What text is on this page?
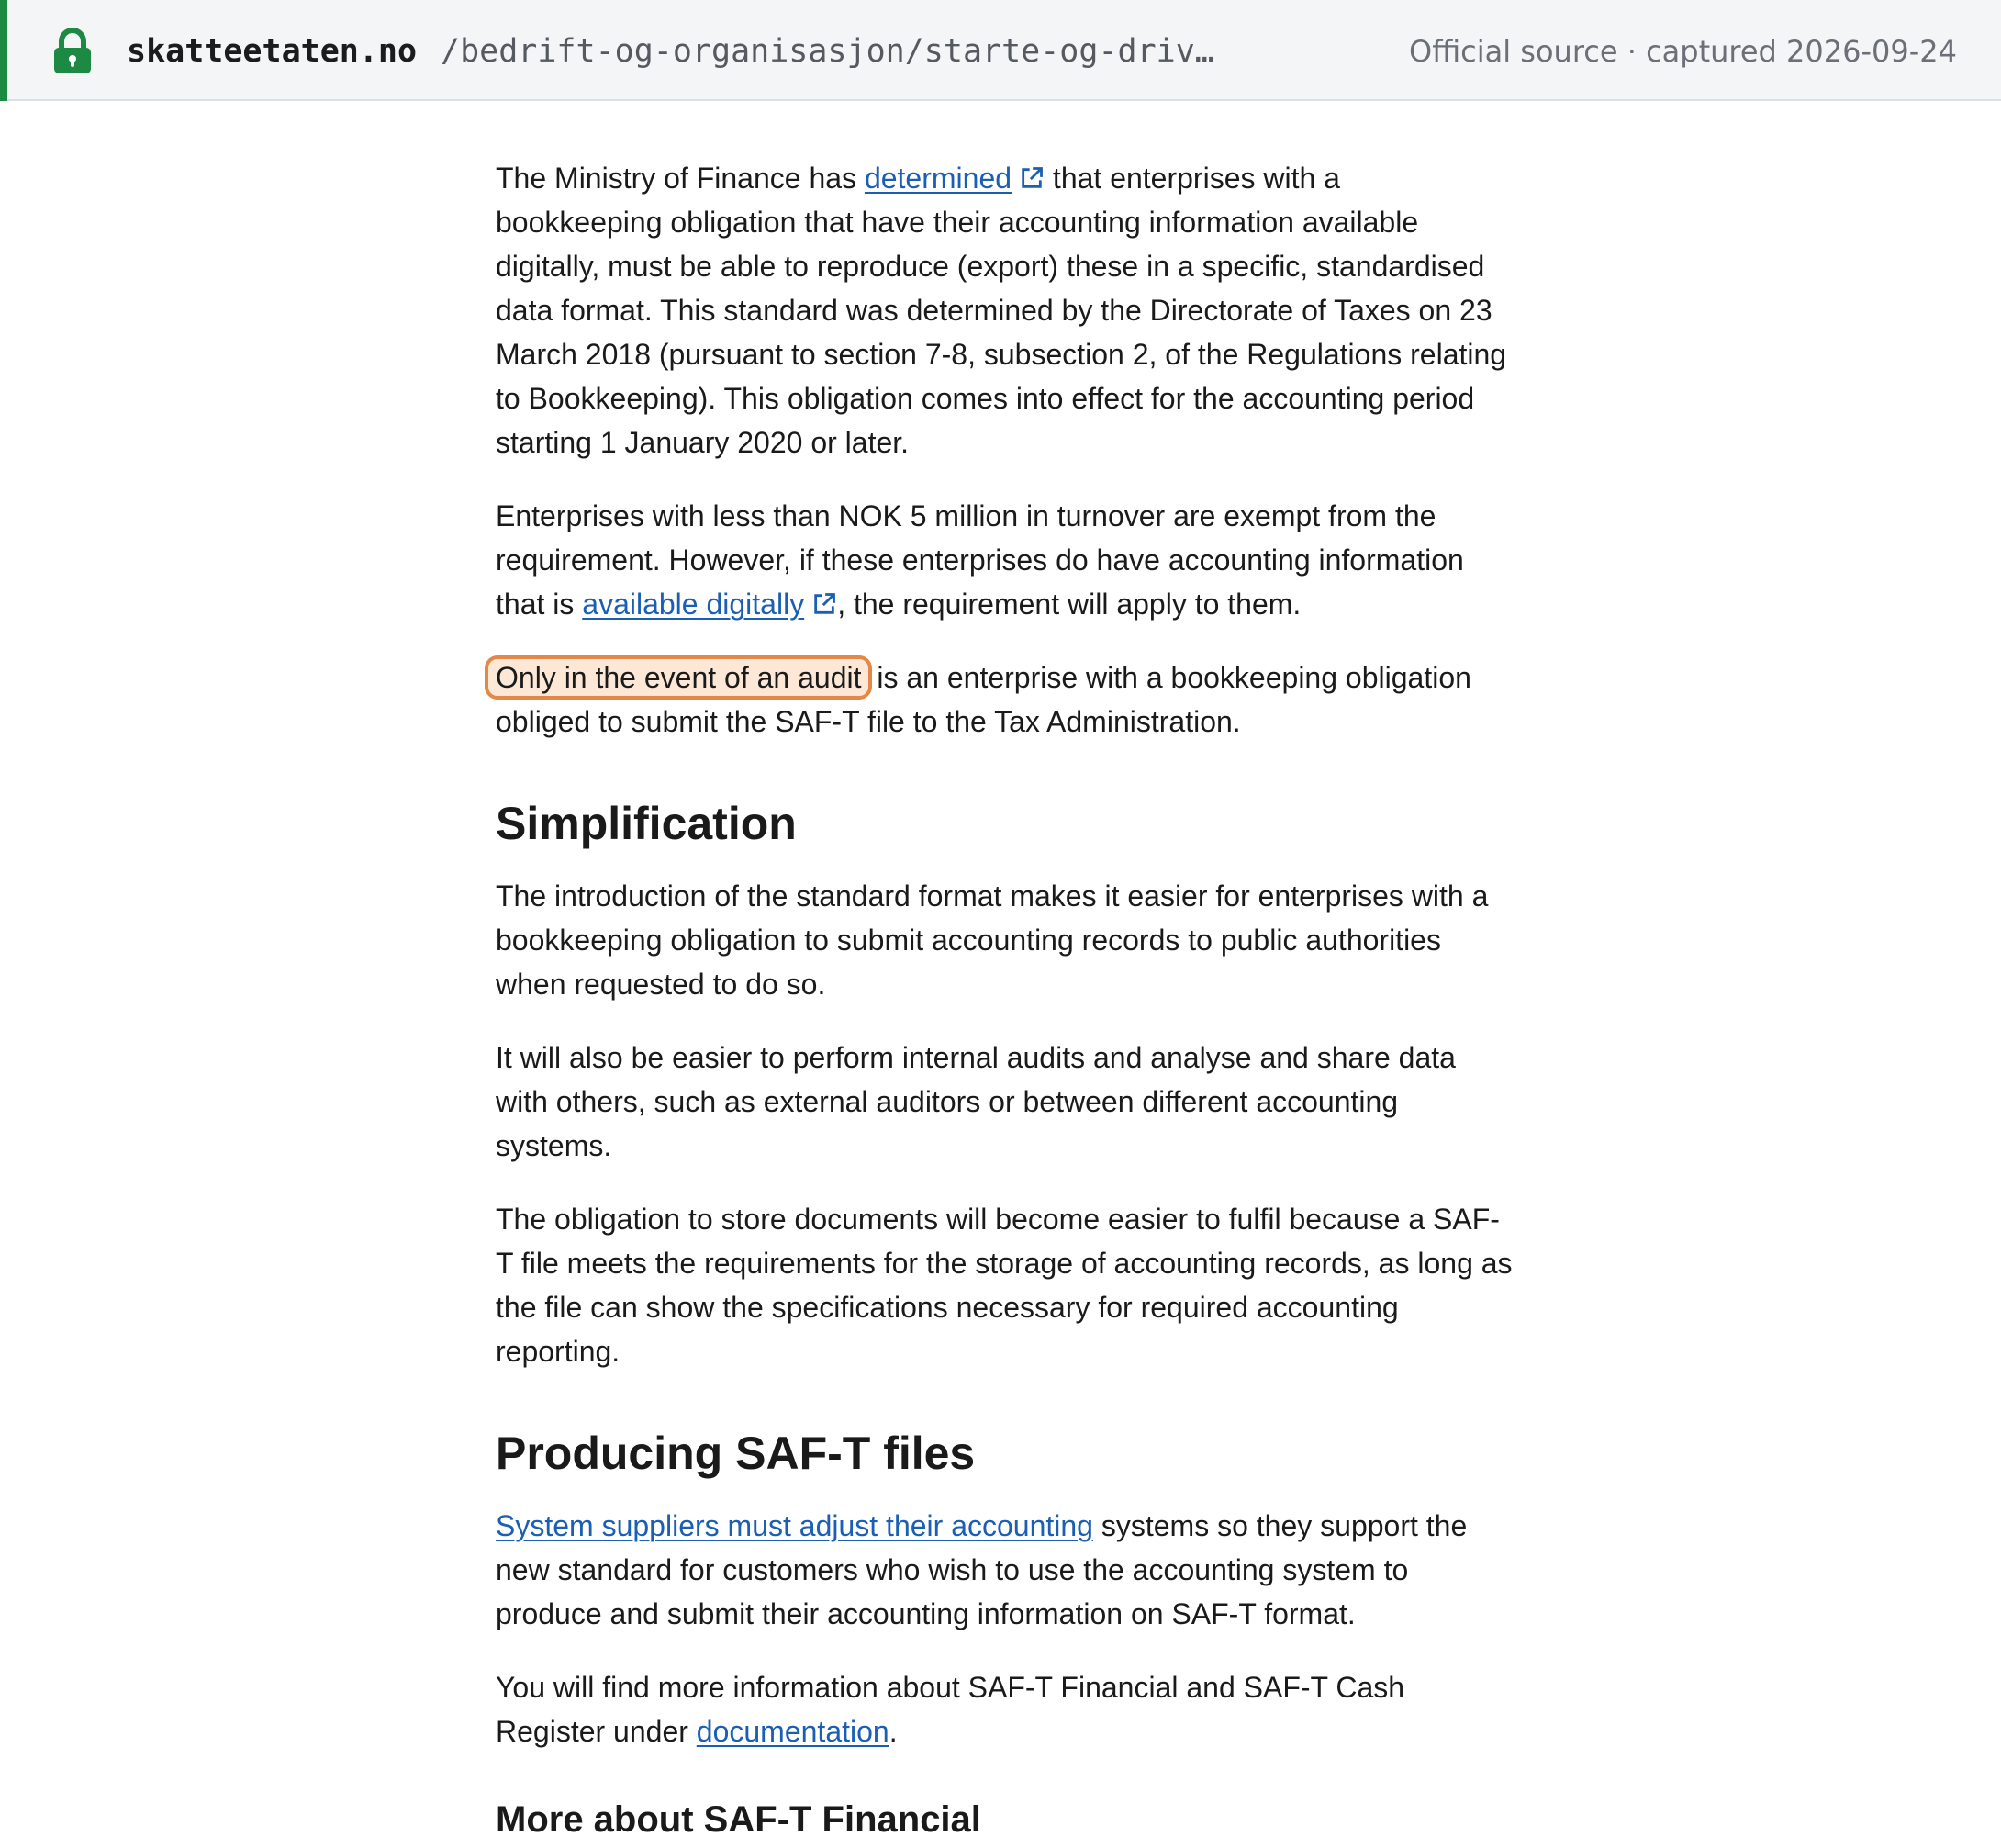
skatteetaten.no /bedrift-og-organisasjon/starte-og-driv…	Official source · captured 2026-09-24

The Ministry of Finance has determined that enterprises with a bookkeeping obligation that have their accounting information available digitally, must be able to reproduce (export) these in a specific, standardised data format. This standard was determined by the Directorate of Taxes on 23 March 2018 (pursuant to section 7-8, subsection 2, of the Regulations relating to Bookkeeping). This obligation comes into effect for the accounting period starting 1 January 2020 or later.

Enterprises with less than NOK 5 million in turnover are exempt from the requirement. However, if these enterprises do have accounting information that is available digitally , the requirement will apply to them.

Only in the event of an audit is an enterprise with a bookkeeping obligation obliged to submit the SAF-T file to the Tax Administration.

Simplification

The introduction of the standard format makes it easier for enterprises with a bookkeeping obligation to submit accounting records to public authorities when requested to do so.

It will also be easier to perform internal audits and analyse and share data with others, such as external auditors or between different accounting systems.

The obligation to store documents will become easier to fulfil because a SAF-T file meets the requirements for the storage of accounting records, as long as the file can show the specifications necessary for required accounting reporting.

Producing SAF-T files

System suppliers must adjust their accounting systems so they support the new standard for customers who wish to use the accounting system to produce and submit their accounting information on SAF-T format.

You will find more information about SAF-T Financial and SAF-T Cash Register under documentation.

More about SAF-T Financial
